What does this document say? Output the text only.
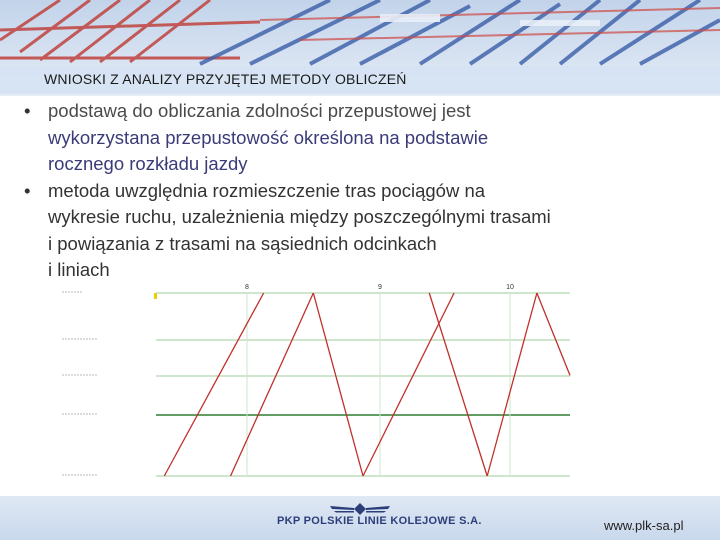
WNIOSKI Z ANALIZY PRZYJĘTEJ METODY OBLICZEŃ
• podstawą do obliczania zdolności przepustowej jest
wykorzystana przepustowość określona na podstawie
rocznego rozkładu jazdy
• metoda uwzględnia rozmieszczenie tras pociągów na
wykresie ruchu, uzależnienia między poszczególnymi trasami
i powiązania z trasami na sąsiednich odcinkach
i liniach
8	9	10
PKP POLSKIE LINIE KOLEJOWE S.A.	www.plk-sa.pl
